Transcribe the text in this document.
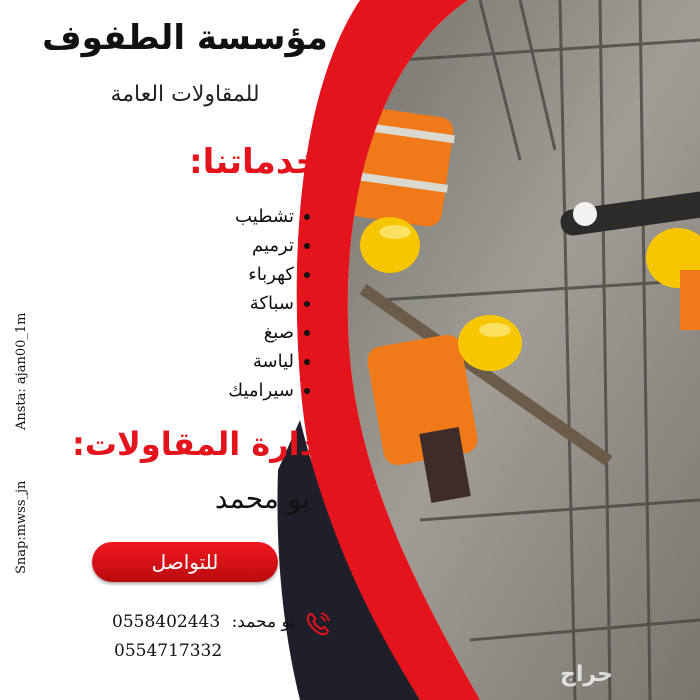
مؤسسة الطفوف
للمقاولات العامة
خدماتنا:
تشطيب
ترميم
كهرباء
سباكة
صبغ
لياسة
سيراميك
إدارة المقاولات:
بو محمد
للتواصل
0558402443 بو محمد:
0554717332
Snap:mwss_jn
Ansta: ajan00_1m
حراج
